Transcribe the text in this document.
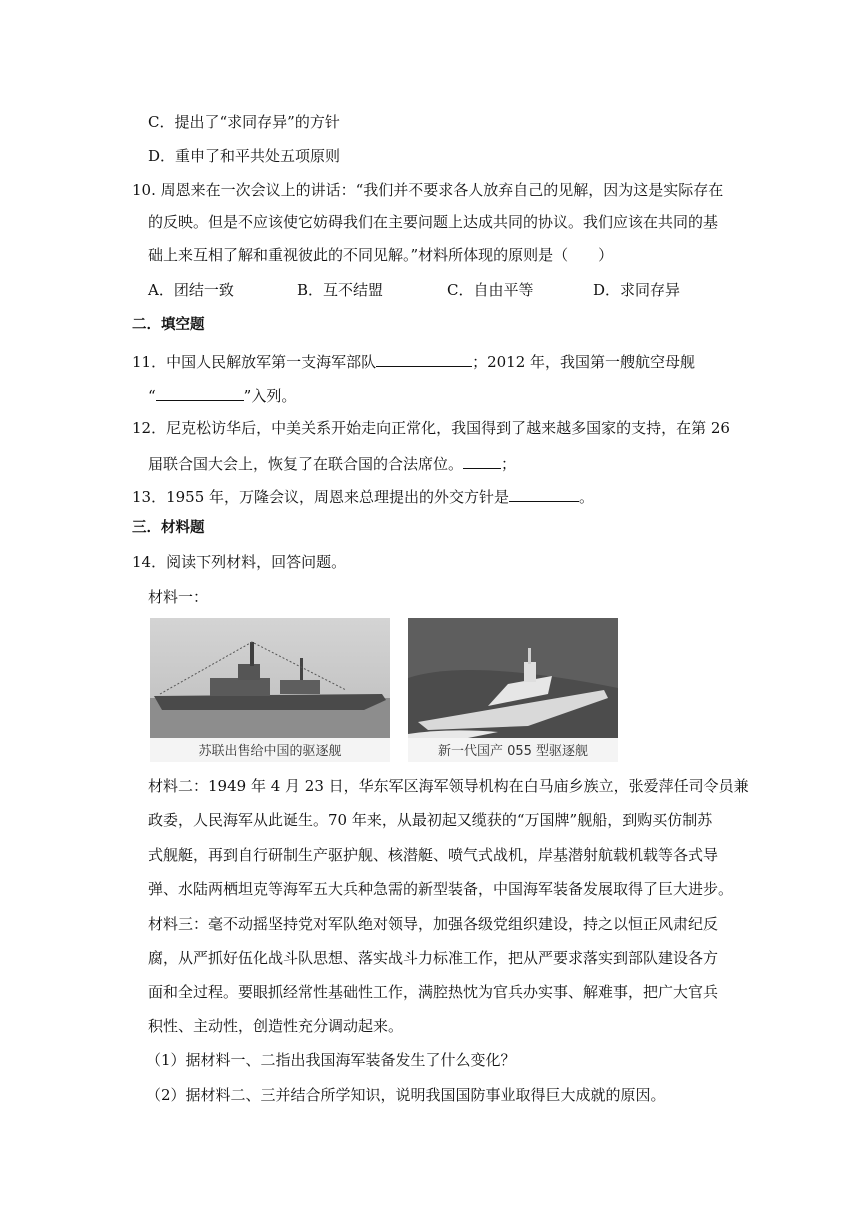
C．提出了“求同存异”的方针
D．重申了和平共处五项原则
10. 周恩来在一次会议上的讲话：“我们并不要求各人放弃自己的见解，因为这是实际存在
的反映。但是不应该使它妨碍我们在主要问题上达成共同的协议。我们应该在共同的基
础上来互相了解和重视彼此的不同见解。”材料所体现的原则是（　　）
A．团结一致	B．互不结盟	C．自由平等	D．求同存异
二．填空题
11．中国人民解放军第一支海军部队	；2012 年，我国第一艘航空母舰
“	”入列。
12．尼克松访华后，中美关系开始走向正常化，我国得到了越来越多国家的支持，在第 26
届联合国大会上，恢复了在联合国的合法席位。	；
13．1955 年，万隆会议，周恩来总理提出的外交方针是	。
三．材料题
14．阅读下列材料，回答问题。
材料一：
苏联出售给中国的驱逐舰	新一代国产 055 型驱逐舰
材料二：1949 年 4 月 23 日，华东军区海军领导机构在白马庙乡族立，张爱萍任司令员兼
政委，人民海军从此诞生。70 年来，从最初起又缆获的“万国牌”舰船，到购买仿制苏
式舰艇，再到自行研制生产驱护舰、核潜艇、喷气式战机，岸基潜射航载机载等各式导
弹、水陆两栖坦克等海军五大兵种急需的新型装备，中国海军装备发展取得了巨大进步。
材料三：毫不动摇坚持党对军队绝对领导，加强各级党组织建设，持之以恒正风肃纪反
腐，从严抓好伍化战斗队思想、落实战斗力标准工作，把从严要求落实到部队建设各方
面和全过程。要眼抓经常性基础性工作，满腔热忱为官兵办实事、解难事，把广大官兵
积性、主动性，创造性充分调动起来。
（1）据材料一、二指出我国海军装备发生了什么变化？
（2）据材料二、三并结合所学知识，说明我国国防事业取得巨大成就的原因。
